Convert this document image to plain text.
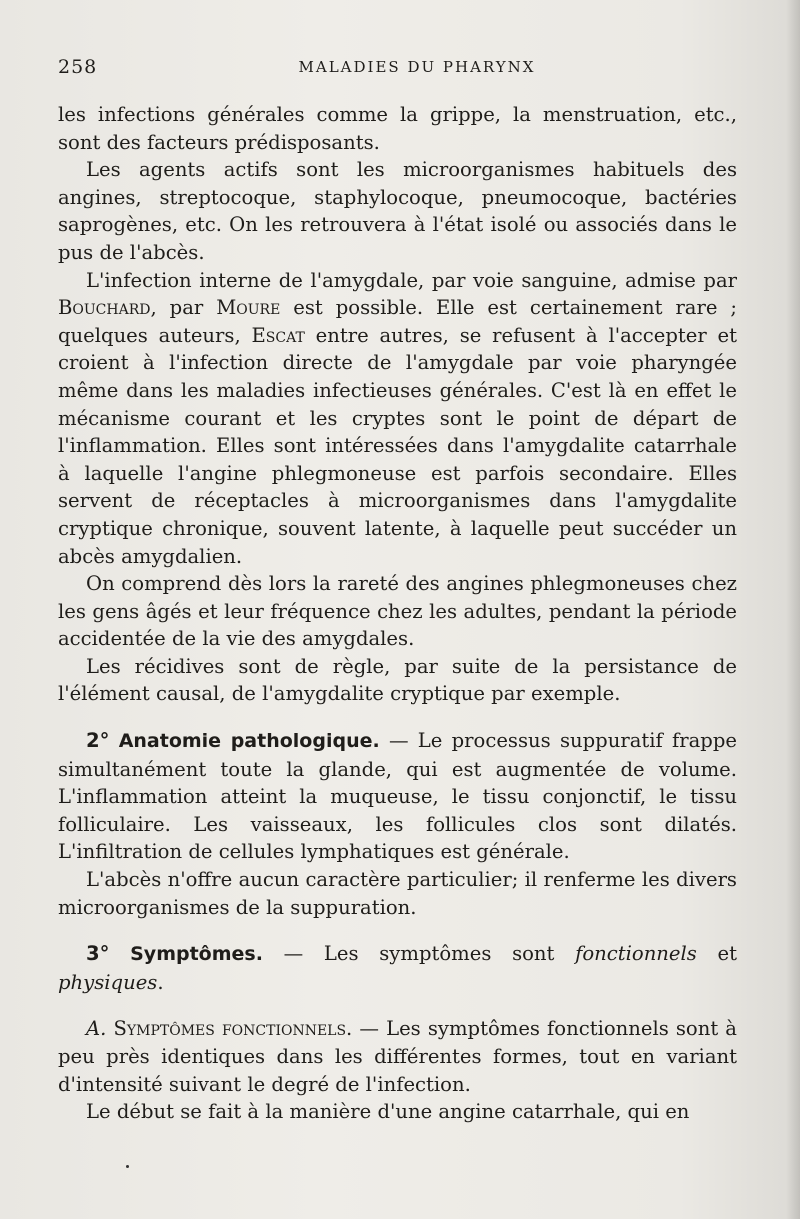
258	MALADIES DU PHARYNX

les infections générales comme la grippe, la menstruation, etc., sont des facteurs prédisposants.

Les agents actifs sont les microorganismes habituels des angines, streptocoque, staphylocoque, pneumocoque, bactéries saprogènes, etc. On les retrouvera à l'état isolé ou associés dans le pus de l'abcès.

L'infection interne de l'amygdale, par voie sanguine, admise par Bouchard, par Moure est possible. Elle est certainement rare ; quelques auteurs, Escat entre autres, se refusent à l'accepter et croient à l'infection directe de l'amygdale par voie pharyngée même dans les maladies infectieuses générales. C'est là en effet le mécanisme courant et les cryptes sont le point de départ de l'inflammation. Elles sont intéressées dans l'amygdalite catarrhale à laquelle l'angine phlegmoneuse est parfois secondaire. Elles servent de réceptacles à microorganismes dans l'amygdalite cryptique chronique, souvent latente, à laquelle peut succéder un abcès amygdalien.

On comprend dès lors la rareté des angines phlegmoneuses chez les gens âgés et leur fréquence chez les adultes, pendant la période accidentée de la vie des amygdales.

Les récidives sont de règle, par suite de la persistance de l'élément causal, de l'amygdalite cryptique par exemple.

2° Anatomie pathologique. — Le processus suppuratif frappe simultanément toute la glande, qui est augmentée de volume. L'inflammation atteint la muqueuse, le tissu conjonctif, le tissu folliculaire. Les vaisseaux, les follicules clos sont dilatés. L'infiltration de cellules lymphatiques est générale.

L'abcès n'offre aucun caractère particulier; il renferme les divers microorganismes de la suppuration.

3° Symptômes. — Les symptômes sont fonctionnels et physiques.

A. Symptômes fonctionnels. — Les symptômes fonctionnels sont à peu près identiques dans les différentes formes, tout en variant d'intensité suivant le degré de l'infection.

Le début se fait à la manière d'une angine catarrhale, qui en
